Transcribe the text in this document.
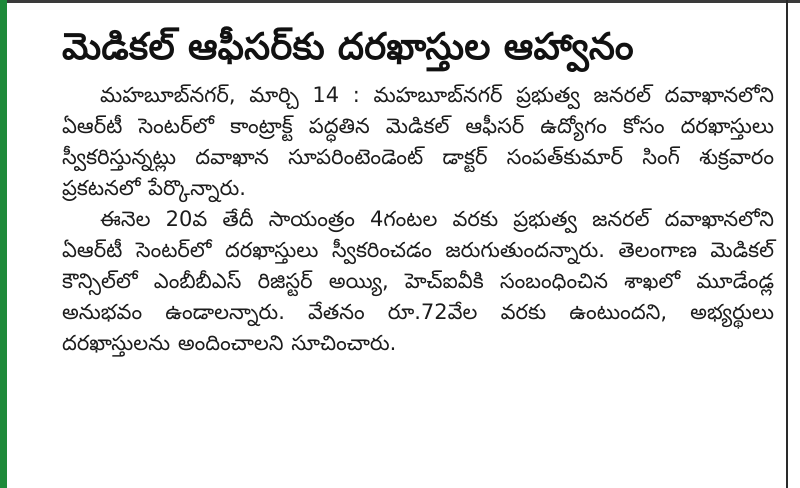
మెడికల్ ఆఫీసర్‌కు దరఖాస్తుల ఆహ్వానం

మహబూబ్‌నగర్, మార్చి 14 : మహబూబ్‌నగర్ ప్రభుత్వ జనరల్ దవాఖానలోని ఏఆర్‌టీ సెంటర్‌లో కాంట్రాక్ట్ పద్ధతిన మెడికల్ ఆఫీసర్ ఉద్యోగం కోసం దరఖాస్తులు స్వీకరిస్తున్నట్లు దవాఖాన సూపరింటెండెంట్ డాక్టర్ సంపత్‌కుమార్ సింగ్ శుక్రవారం ప్రకటనలో పేర్కొన్నారు.

ఈనెల 20వ తేదీ సాయంత్రం 4గంటల వరకు ప్రభుత్వ జనరల్ దవాఖానలోని ఏఆర్‌టీ సెంటర్‌లో దరఖాస్తులు స్వీకరించడం జరుగుతుందన్నారు. తెలంగాణ మెడికల్ కౌన్సిల్‌లో ఎంబీబీఎస్ రిజిస్టర్ అయ్యి, హెచ్‌ఐవీకి సంబంధించిన శాఖలో మూడేండ్ల అనుభవం ఉండాలన్నారు. వేతనం రూ.72వేల వరకు ఉంటుందని, అభ్యర్థులు దరఖాస్తులను అందించాలని సూచించారు.
